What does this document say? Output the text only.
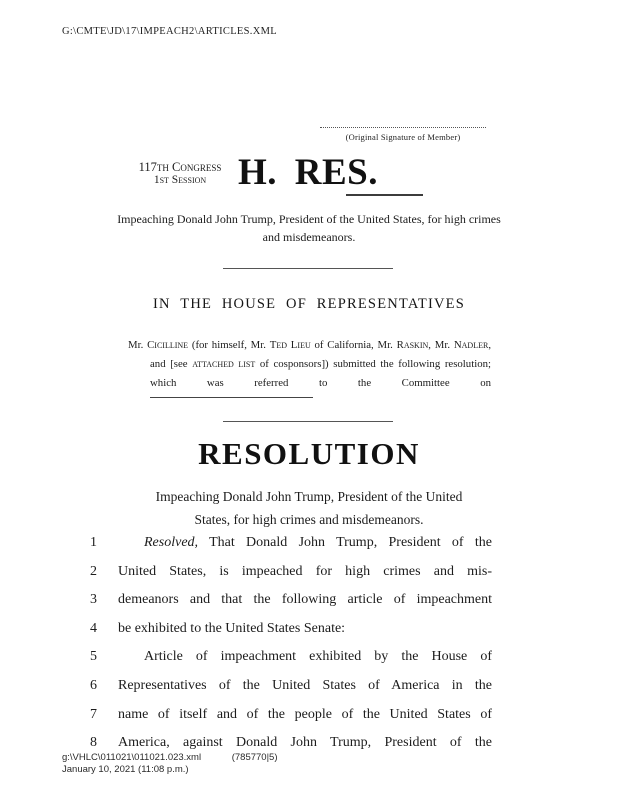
G:\CMTE\JD\17\IMPEACH2\ARTICLES.XML
(Original Signature of Member)
117th Congress
1st Session H. RES.
Impeaching Donald John Trump, President of the United States, for high crimes and misdemeanors.
IN THE HOUSE OF REPRESENTATIVES
Mr. Cicilline (for himself, Mr. Ted Lieu of California, Mr. Raskin, Mr. Nadler, and [see attached list of cosponsors]) submitted the following resolution; which was referred to the Committee on
RESOLUTION
Impeaching Donald John Trump, President of the United States, for high crimes and misdemeanors.
1	Resolved, That Donald John Trump, President of the
2	United States, is impeached for high crimes and mis-
3	demeanors and that the following article of impeachment
4	be exhibited to the United States Senate:
5	Article of impeachment exhibited by the House of
6	Representatives of the United States of America in the
7	name of itself and of the people of the United States of
8	America, against Donald John Trump, President of the
g:\VHLC\011021\011021.023.xml	(785770|5)
January 10, 2021 (11:08 p.m.)
